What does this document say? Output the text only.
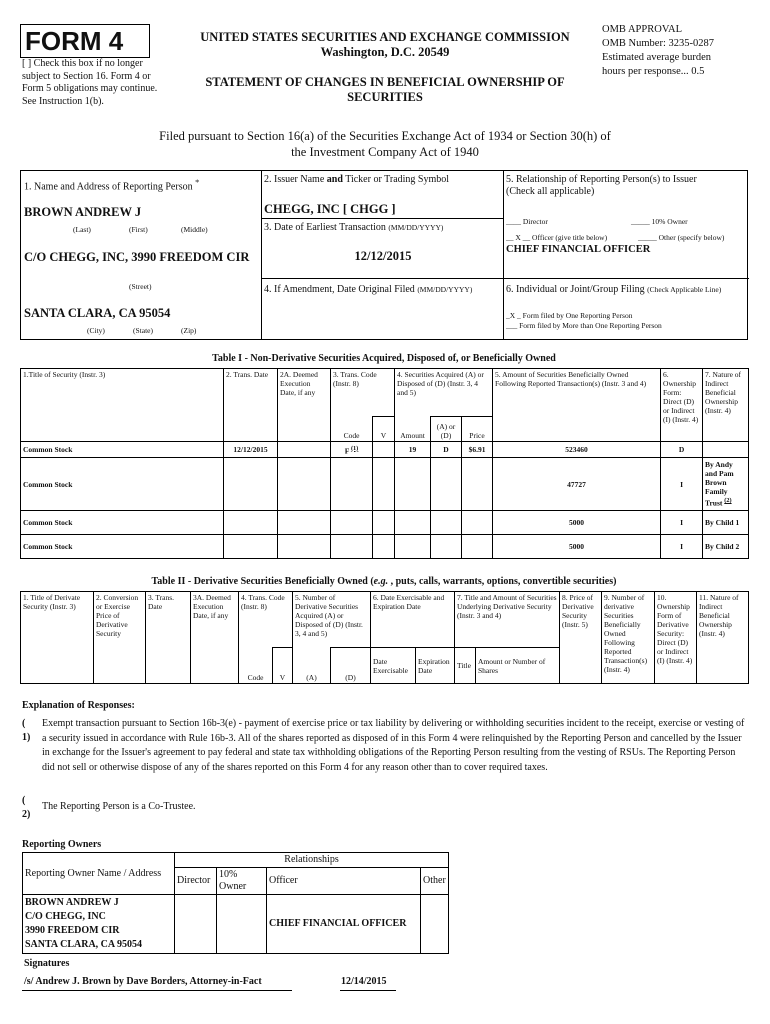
FORM 4
[ ] Check this box if no longer subject to Section 16. Form 4 or Form 5 obligations may continue. See Instruction 1(b).
UNITED STATES SECURITIES AND EXCHANGE COMMISSION
Washington, D.C. 20549
STATEMENT OF CHANGES IN BENEFICIAL OWNERSHIP OF SECURITIES
OMB APPROVAL
OMB Number: 3235-0287
Estimated average burden
hours per response... 0.5
Filed pursuant to Section 16(a) of the Securities Exchange Act of 1934 or Section 30(h) of the Investment Company Act of 1940
1. Name and Address of Reporting Person *
BROWN ANDREW J
(Last)	(First)	(Middle)
C/O CHEGG, INC, 3990 FREEDOM CIR
(Street)
SANTA CLARA, CA 95054
(City)	(State)	(Zip)
2. Issuer Name and Ticker or Trading Symbol
CHEGG, INC [ CHGG ]
3. Date of Earliest Transaction (MM/DD/YYYY)
12/12/2015
4. If Amendment, Date Original Filed (MM/DD/YYYY)
5. Relationship of Reporting Person(s) to Issuer
(Check all applicable)
____ Director	_____ 10% Owner
__ X __ Officer (give title below)	_____ Other (specify below)
CHIEF FINANCIAL OFFICER
6. Individual or Joint/Group Filing (Check Applicable Line)
_X _ Form filed by One Reporting Person
___ Form filed by More than One Reporting Person
Table I - Non-Derivative Securities Acquired, Disposed of, or Beneficially Owned
1.Title of Security (Instr. 3)	2. Trans. Date	2A. Deemed Execution Date, if any	3. Trans. Code (Instr. 8)		4. Securities Acquired (A) or Disposed of (D) (Instr. 3, 4 and 5)			5. Amount of Securities Beneficially Owned Following Reported Transaction(s) (Instr. 3 and 4)	6. Ownership Form: Direct (D) or Indirect (I) (Instr. 4)	7. Nature of Indirect Beneficial Ownership (Instr. 4)
			Code	V	Amount	(A) or (D)	Price			
Common Stock	12/12/2015		F $^{(1)}$		19	D	$6.91	523460	D	
Common Stock								47727	I	By Andy and Pam Brown Family Trust $^{(2)}$
Common Stock								5000	I	By Child 1
Common Stock								5000	I	By Child 2
Table II - Derivative Securities Beneficially Owned (e.g. , puts, calls, warrants, options, convertible securities)
1. Title of Derivate Security (Instr. 3)	2. Conversion or Exercise Price of Derivative Security	3. Trans. Date	3A. Deemed Execution Date, if any	4. Trans. Code (Instr. 8)		5. Number of Derivative Securities Acquired (A) or Disposed of (D) (Instr. 3, 4 and 5)		6. Date Exercisable and Expiration Date		7. Title and Amount of Securities Underlying Derivative Security (Instr. 3 and 4)		8. Price of Derivative Security (Instr. 5)	9. Number of derivative Securities Beneficially Owned Following Reported Transaction(s) (Instr. 4)	10. Ownership Form of Derivative Security: Direct (D) or Indirect (I) (Instr. 4)	11. Nature of Indirect Beneficial Ownership (Instr. 4)
				Code	V	(A)	(D)	Date Exercisable	Expiration Date	Title	Amount or Number of Shares				
Explanation of Responses:
( 1)
Exempt transaction pursuant to Section 16b-3(e) - payment of exercise price or tax liability by delivering or withholding securities incident to the receipt, exercise or vesting of a security issued in accordance with Rule 16b-3. All of the shares reported as disposed of in this Form 4 were relinquished by the Reporting Person and cancelled by the Issuer in exchange for the Issuer's agreement to pay federal and state tax withholding obligations of the Reporting Person resulting from the vesting of RSUs. The Reporting Person did not sell or otherwise dispose of any of the shares reported on this Form 4 for any reason other than to cover required taxes.
( 2)
The Reporting Person is a Co-Trustee.
Reporting Owners
Reporting Owner Name / Address	Relationships			
	Director	10% Owner	Officer	Other

BROWN ANDREW J
C/O CHEGG, INC
3990 FREEDOM CIR
SANTA CLARA, CA 95054			CHIEF FINANCIAL OFFICER	
Signatures
/s/ Andrew J. Brown by Dave Borders, Attorney-in-Fact	12/14/2015
